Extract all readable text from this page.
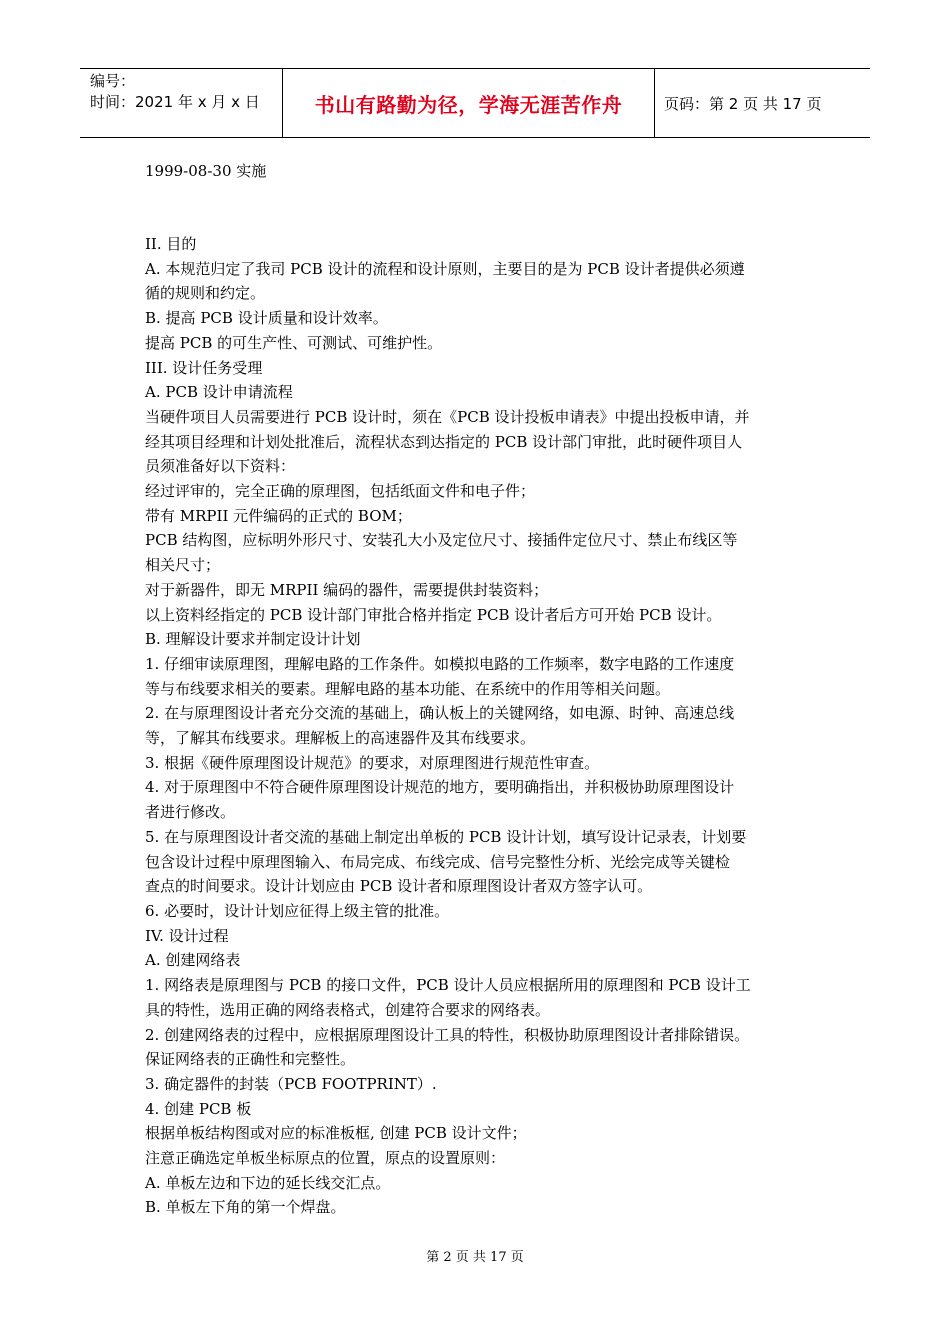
编号：
时间：2021 年 x 月 x 日	书山有路勤为径，学海无涯苦作舟	页码：第 2 页 共 17 页
1999-08-30 实施

II. 目的

A. 本规范归定了我司 PCB 设计的流程和设计原则，主要目的是为 PCB 设计者提供必须遵

循的规则和约定。

B. 提高 PCB 设计质量和设计效率。

提高 PCB 的可生产性、可测试、可维护性。

III. 设计任务受理

A. PCB 设计申请流程

当硬件项目人员需要进行 PCB 设计时，须在《PCB 设计投板申请表》中提出投板申请，并

经其项目经理和计划处批准后，流程状态到达指定的 PCB 设计部门审批，此时硬件项目人

员须准备好以下资料：

经过评审的，完全正确的原理图，包括纸面文件和电子件；

带有 MRPII 元件编码的正式的 BOM；

PCB 结构图，应标明外形尺寸、安装孔大小及定位尺寸、接插件定位尺寸、禁止布线区等

相关尺寸；

对于新器件，即无 MRPII 编码的器件，需要提供封装资料；

以上资料经指定的 PCB 设计部门审批合格并指定 PCB 设计者后方可开始 PCB 设计。

B. 理解设计要求并制定设计计划

1. 仔细审读原理图，理解电路的工作条件。如模拟电路的工作频率，数字电路的工作速度

等与布线要求相关的要素。理解电路的基本功能、在系统中的作用等相关问题。

2. 在与原理图设计者充分交流的基础上，确认板上的关键网络，如电源、时钟、高速总线

等，了解其布线要求。理解板上的高速器件及其布线要求。

3. 根据《硬件原理图设计规范》的要求，对原理图进行规范性审查。

4. 对于原理图中不符合硬件原理图设计规范的地方，要明确指出，并积极协助原理图设计

者进行修改。

5. 在与原理图设计者交流的基础上制定出单板的 PCB 设计计划，填写设计记录表，计划要

包含设计过程中原理图输入、布局完成、布线完成、信号完整性分析、光绘完成等关键检

查点的时间要求。设计计划应由 PCB 设计者和原理图设计者双方签字认可。

6. 必要时，设计计划应征得上级主管的批准。

IV. 设计过程

A. 创建网络表

1. 网络表是原理图与 PCB 的接口文件，PCB 设计人员应根据所用的原理图和 PCB 设计工

具的特性，选用正确的网络表格式，创建符合要求的网络表。

2. 创建网络表的过程中，应根据原理图设计工具的特性，积极协助原理图设计者排除错误。

保证网络表的正确性和完整性。

3. 确定器件的封装（PCB FOOTPRINT）.

4. 创建 PCB 板

根据单板结构图或对应的标准板框, 创建 PCB 设计文件；

注意正确选定单板坐标原点的位置，原点的设置原则：

A. 单板左边和下边的延长线交汇点。

B. 单板左下角的第一个焊盘。

第 2 页 共 17 页
